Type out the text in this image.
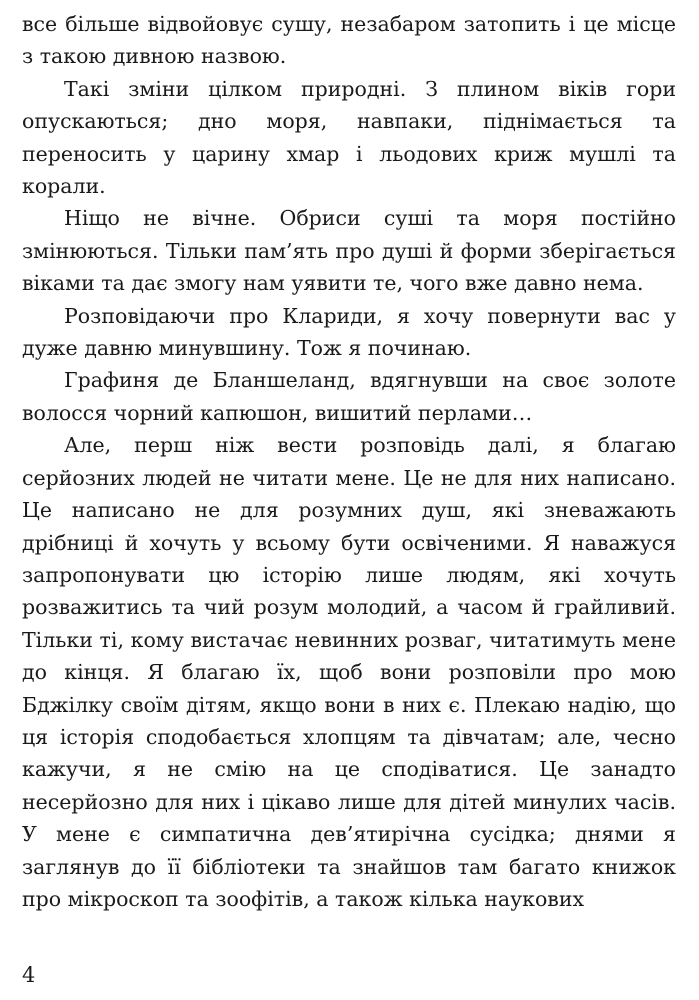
все більше відвойовує сушу, незабаром затопить і це місце з такою дивною назвою.

Такі зміни цілком природні. З плином віків гори опускаються; дно моря, навпаки, піднімається та переносить у царину хмар і льодових криж мушлі та корали.

Ніщо не вічне. Обриси суші та моря постійно змінюються. Тільки пам’ять про душі й форми зберігається віками та дає змогу нам уявити те, чого вже давно нема.

Розповідаючи про Клариди, я хочу повернути вас у дуже давню минувшину. Тож я починаю.

Графиня де Бланшеланд, вдягнувши на своє золоте волосся чорний капюшон, вишитий перлами…

Але, перш ніж вести розповідь далі, я благаю серйозних людей не читати мене. Це не для них написано. Це написано не для розумних душ, які зневажають дрібниці й хочуть у всьому бути освіченими. Я наважуся запропонувати цю історію лише людям, які хочуть розважитись та чий розум молодий, а часом й грайливий. Тільки ті, кому вистачає невинних розваг, читатимуть мене до кінця. Я благаю їх, щоб вони розповіли про мою Бджілку своїм дітям, якщо вони в них є. Плекаю надію, що ця історія сподобається хлопцям та дівчатам; але, чесно кажучи, я не смію на це сподіватися. Це занадто несерйозно для них і цікаво лише для дітей минулих часів. У мене є симпатична дев’ятирічна сусідка; днями я заглянув до її бібліотеки та знайшов там багато книжок про мікроскоп та зоофітів, а також кілька наукових

4
